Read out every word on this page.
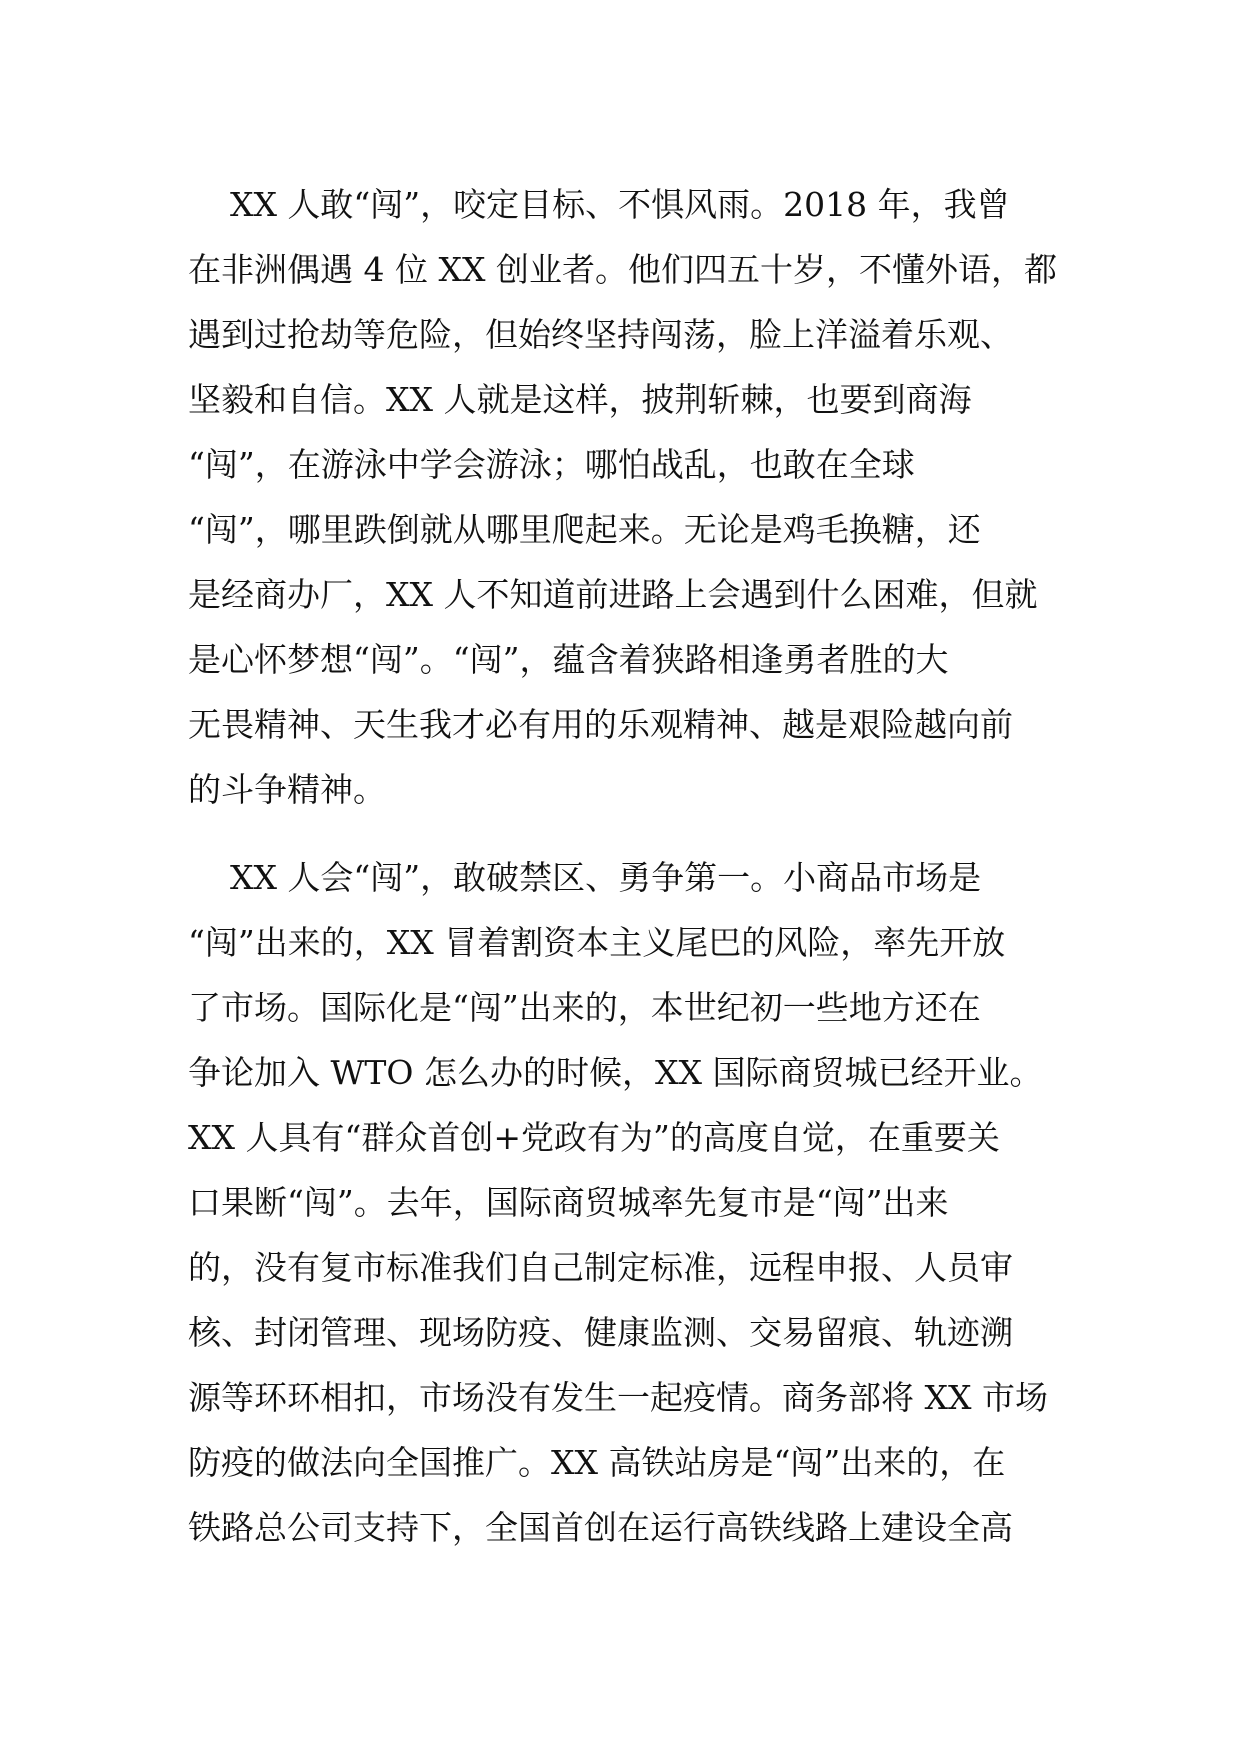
XX 人敢“闯”，咬定目标、不惧风雨。2018 年，我曾
在非洲偶遇 4 位 XX 创业者。他们四五十岁，不懂外语，都
遇到过抢劫等危险，但始终坚持闯荡，脸上洋溢着乐观、
坚毅和自信。XX 人就是这样，披荆斩棘，也要到商海
“闯”，在游泳中学会游泳；哪怕战乱，也敢在全球
“闯”，哪里跌倒就从哪里爬起来。无论是鸡毛换糖，还
是经商办厂，XX 人不知道前进路上会遇到什么困难，但就
是心怀梦想“闯”。“闯”，蕴含着狭路相逢勇者胜的大
无畏精神、天生我才必有用的乐观精神、越是艰险越向前
的斗争精神。
XX 人会“闯”，敢破禁区、勇争第一。小商品市场是
“闯”出来的，XX 冒着割资本主义尾巴的风险，率先开放
了市场。国际化是“闯”出来的，本世纪初一些地方还在
争论加入 WTO 怎么办的时候，XX 国际商贸城已经开业。
XX 人具有“群众首创+党政有为”的高度自觉，在重要关
口果断“闯”。去年，国际商贸城率先复市是“闯”出来
的，没有复市标准我们自己制定标准，远程申报、人员审
核、封闭管理、现场防疫、健康监测、交易留痕、轨迹溯
源等环环相扣，市场没有发生一起疫情。商务部将 XX 市场
防疫的做法向全国推广。XX 高铁站房是“闯”出来的，在
铁路总公司支持下，全国首创在运行高铁线路上建设全高
